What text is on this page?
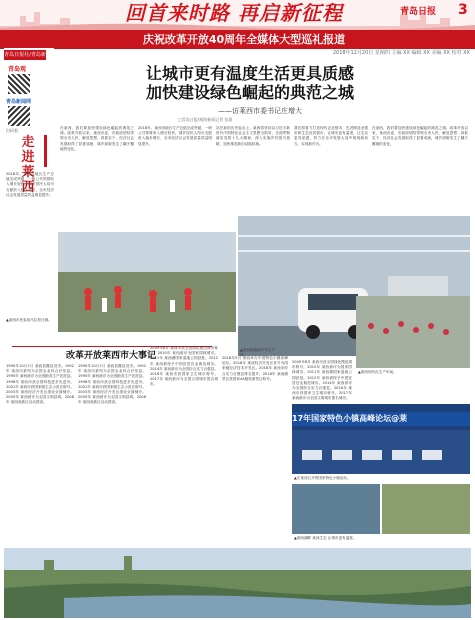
回首来时路 再启新征程	青岛日报 3
庆祝改革开放40周年全媒体大型巡礼报道
2018年12月20日 星期四 主编 XX 编辑 XX 美编 XX 校对 XX
青岛日报社/青岛新闻网
青岛观
青岛新闻网
扫码看
走
进
莱
西
让城市更有温度生活更具质感
加快建设绿色崛起的典范之城
——访莱西市委书记庄增大
□青岛日报/观海新闻记者 张晨
在莱西，我们要加快建设绿色崛起的典范之城。改革开放以来，莱西市委、市政府团结带领全市人民，解放思想、真抓实干，经济社会发展取得了显著成就，城乡面貌发生了翻天覆地的变化。
2018年，莱西市地区生产总值完成突破，一般公共预算收入增长较快，城乡居民人均可支配收入稳步增长，全市经济社会发展质量效益明显提升。
站在新的历史起点上，莱西将坚持以习近平新时代中国特色社会主义思想为指导，全面贯彻落实党的十九大精神，深入实施乡村振兴战略，加快推进新旧动能转换。
我们将着力打造现代农业强市、先进制造业强市和生态宜居强市，让城市更有温度，让生活更具质感，努力在全市发展大局中展现新担当、实现新作为。
在莱西，我们要加快建设绿色崛起的典范之城。改革开放以来，莱西市委、市政府团结带领全市人民，解放思想、真抓实干，经济社会发展取得了显著成就，城乡面貌发生了翻天覆地的变化。
2018年，莱西市地区生产总值完成突破，一般公共预算收入增长较快，城乡居民人均可支配收入稳步增长，全市经济社会发展质量效益明显提升。
▲莱西市民参加马拉松比赛。
▲莱西新能源汽车生产线。
改革开放莱西市大事记
1990年10月1日 莱西县撤县设市。1992年 莱西市被列为全国农业综合开发县。1995年 莱西被评为全国粮食生产先进县。1998年 莱西市获全国科技进步先进市。2001年 莱西市获国家级生态示范区称号。2003年 莱西经济开发区建设全面铺开。2005年 莱西被评为全国文明县城。2008年 莱西高新区启动建设。
1990年10月1日 莱西县撤县设市。1992年 莱西市被列为全国农业综合开发县。1995年 莱西被评为全国粮食生产先进县。1998年 莱西市获全国科技进步先进市。2001年 莱西市获国家级生态示范区称号。2003年 莱西经济开发区建设全面铺开。2005年 莱西被评为全国文明县城。2008年 莱西高新区启动建设。
2009年8月 莱西市获全国绿化模范城市称号。2010年 莱西被评为国家园林城市。2011年 莱西湖国家湿地公园获批。2012年 莱西被授予中国宜居宜业典范城市。2014年 莱西被评为全国综合实力百强县。2016年 莱西市获国家卫生城市称号。2017年 莱西被评为全国文明城市提名城市。
2018年5月 莱西举办中国特色小镇高峰论坛。2018年 莱西经济开发区晋升为国家级经济技术开发区。2018年 莱西市综合实力百强县排名提升。2018年 莱西湖景区获国家4A级旅游景区称号。
2009年8月 莱西市获全国绿化模范城市称号。2010年 莱西被评为国家园林城市。2011年 莱西湖国家湿地公园获批。2012年 莱西被授予中国宜居宜业典范城市。2014年 莱西被评为全国综合实力百强县。2016年 莱西市获国家卫生城市称号。2017年 莱西被评为全国文明城市提名城市。
▲莱西现代化生产车间。
17年国家特色小镇高峰论坛@莱
▲在莱西召开的国家特色小镇论坛。
▲莱西湖畔 莱西生态 让城市更有温度。
